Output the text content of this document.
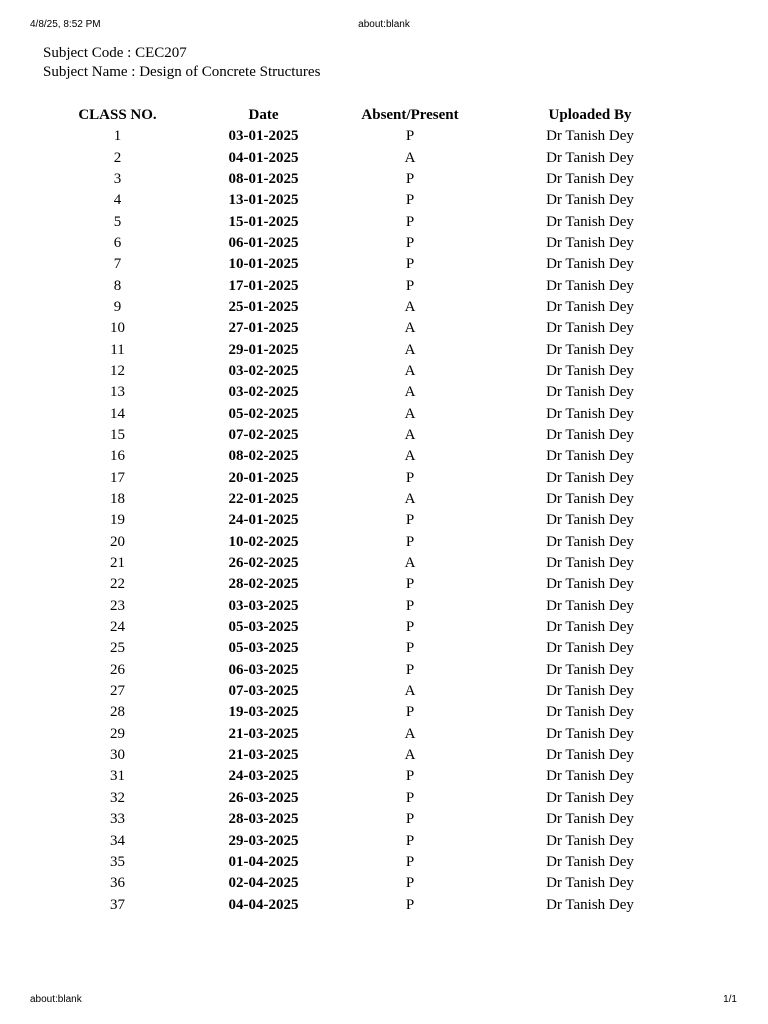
4/8/25, 8:52 PM	about:blank
Subject Code : CEC207
Subject Name : Design of Concrete Structures
CLASS NO.	Date	Absent/Present	Uploaded By
1	03-01-2025	P	Dr Tanish Dey
2	04-01-2025	A	Dr Tanish Dey
3	08-01-2025	P	Dr Tanish Dey
4	13-01-2025	P	Dr Tanish Dey
5	15-01-2025	P	Dr Tanish Dey
6	06-01-2025	P	Dr Tanish Dey
7	10-01-2025	P	Dr Tanish Dey
8	17-01-2025	P	Dr Tanish Dey
9	25-01-2025	A	Dr Tanish Dey
10	27-01-2025	A	Dr Tanish Dey
11	29-01-2025	A	Dr Tanish Dey
12	03-02-2025	A	Dr Tanish Dey
13	03-02-2025	A	Dr Tanish Dey
14	05-02-2025	A	Dr Tanish Dey
15	07-02-2025	A	Dr Tanish Dey
16	08-02-2025	A	Dr Tanish Dey
17	20-01-2025	P	Dr Tanish Dey
18	22-01-2025	A	Dr Tanish Dey
19	24-01-2025	P	Dr Tanish Dey
20	10-02-2025	P	Dr Tanish Dey
21	26-02-2025	A	Dr Tanish Dey
22	28-02-2025	P	Dr Tanish Dey
23	03-03-2025	P	Dr Tanish Dey
24	05-03-2025	P	Dr Tanish Dey
25	05-03-2025	P	Dr Tanish Dey
26	06-03-2025	P	Dr Tanish Dey
27	07-03-2025	A	Dr Tanish Dey
28	19-03-2025	P	Dr Tanish Dey
29	21-03-2025	A	Dr Tanish Dey
30	21-03-2025	A	Dr Tanish Dey
31	24-03-2025	P	Dr Tanish Dey
32	26-03-2025	P	Dr Tanish Dey
33	28-03-2025	P	Dr Tanish Dey
34	29-03-2025	P	Dr Tanish Dey
35	01-04-2025	P	Dr Tanish Dey
36	02-04-2025	P	Dr Tanish Dey
37	04-04-2025	P	Dr Tanish Dey
about:blank	1/1
